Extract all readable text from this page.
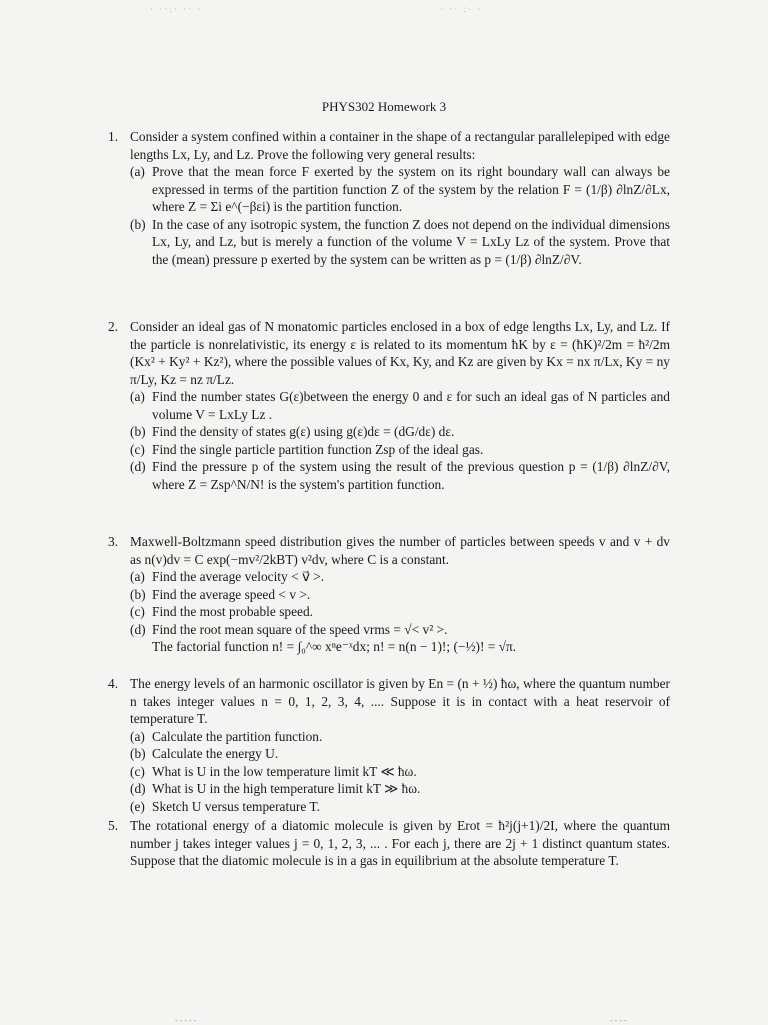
· ··:· ·· ·	· ·· :· ·
PHYS302 Homework 3
1. Consider a system confined within a container in the shape of a rectangular parallelepiped with edge lengths Lx, Ly, and Lz. Prove the following very general results:

(a) Prove that the mean force F exerted by the system on its right boundary wall can always be expressed in terms of the partition function Z of the system by the relation F = (1/β) ∂lnZ/∂Lx, where Z = Σi e^(−βεi) is the partition function.

(b) In the case of any isotropic system, the function Z does not depend on the individual dimensions Lx, Ly, and Lz, but is merely a function of the volume V = LxLy Lz of the system. Prove that the (mean) pressure p exerted by the system can be written as p = (1/β) ∂lnZ/∂V.

2. Consider an ideal gas of N monatomic particles enclosed in a box of edge lengths Lx, Ly, and Lz. If the particle is nonrelativistic, its energy ε is related to its momentum ħK by ε = (ħK)²/2m = ħ²/2m (Kx² + Ky² + Kz²), where the possible values of Kx, Ky, and Kz are given by Kx = nx π/Lx, Ky = ny π/Ly, Kz = nz π/Lz.

(a) Find the number states G(ε)between the energy 0 and ε for such an ideal gas of N particles and volume V = LxLy Lz .

(b) Find the density of states g(ε) using g(ε)dε = (dG/dε) dε.

(c) Find the single particle partition function Zsp of the ideal gas.

(d) Find the pressure p of the system using the result of the previous question p = (1/β) ∂lnZ/∂V, where Z = Zsp^N/N! is the system's partition function.

3. Maxwell-Boltzmann speed distribution gives the number of particles between speeds v and v + dv as n(v)dv = C exp(−mv²/2kBT) v²dv, where C is a constant.

(a) Find the average velocity < v⃗ >.

(b) Find the average speed < v >.

(c) Find the most probable speed.

(d) Find the root mean square of the speed vrms = √< v² >.

The factorial function n! = ∫₀^∞ xⁿe⁻ˣdx; n! = n(n − 1)!; (−½)! = √π.

4. The energy levels of an harmonic oscillator is given by En = (n + ½) ħω, where the quantum number n takes integer values n = 0, 1, 2, 3, 4, .... Suppose it is in contact with a heat reservoir of temperature T.

(a) Calculate the partition function.

(b) Calculate the energy U.

(c) What is U in the low temperature limit kT ≪ ħω.

(d) What is U in the high temperature limit kT ≫ ħω.

(e) Sketch U versus temperature T.

5. The rotational energy of a diatomic molecule is given by Erot = ħ²j(j+1)/2I, where the quantum number j takes integer values j = 0, 1, 2, 3, ... . For each j, there are 2j + 1 distinct quantum states. Suppose that the diatomic molecule is in a gas in equilibrium at the absolute temperature T.

- - - - -	- - - -
